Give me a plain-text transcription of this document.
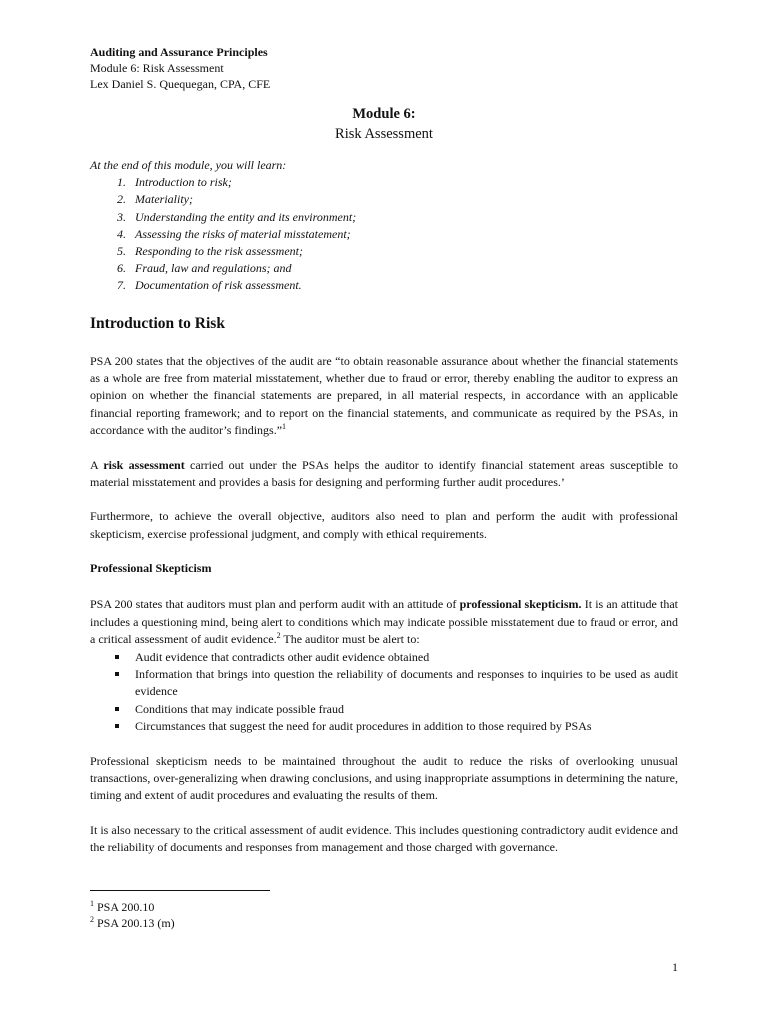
Auditing and Assurance Principles
Module 6: Risk Assessment
Lex Daniel S. Quequegan, CPA, CFE
Module 6:
Risk Assessment
At the end of this module, you will learn:
1. Introduction to risk;
2. Materiality;
3. Understanding the entity and its environment;
4. Assessing the risks of material misstatement;
5. Responding to the risk assessment;
6. Fraud, law and regulations; and
7. Documentation of risk assessment.
Introduction to Risk

PSA 200 states that the objectives of the audit are “to obtain reasonable assurance about whether the financial statements as a whole are free from material misstatement, whether due to fraud or error, thereby enabling the auditor to express an opinion on whether the financial statements are prepared, in all material respects, in accordance with an applicable financial reporting framework; and to report on the financial statements, and communicate as required by the PSAs, in accordance with the auditor’s findings.”$^1$

A risk assessment carried out under the PSAs helps the auditor to identify financial statement areas susceptible to material misstatement and provides a basis for designing and performing further audit procedures.’

Furthermore, to achieve the overall objective, auditors also need to plan and perform the audit with professional skepticism, exercise professional judgment, and comply with ethical requirements.

Professional Skepticism

PSA 200 states that auditors must plan and perform audit with an attitude of professional skepticism. It is an attitude that includes a questioning mind, being alert to conditions which may indicate possible misstatement due to fraud or error, and a critical assessment of audit evidence.$^2$ The auditor must be alert to:

Audit evidence that contradicts other audit evidence obtained
Information that brings into question the reliability of documents and responses to inquiries to be used as audit evidence
Conditions that may indicate possible fraud
Circumstances that suggest the need for audit procedures in addition to those required by PSAs

Professional skepticism needs to be maintained throughout the audit to reduce the risks of overlooking unusual transactions, over-generalizing when drawing conclusions, and using inappropriate assumptions in determining the nature, timing and extent of audit procedures and evaluating the results of them.

It is also necessary to the critical assessment of audit evidence. This includes questioning contradictory audit evidence and the reliability of documents and responses from management and those charged with governance.

$^1$ PSA 200.10
$^2$ PSA 200.13 (m)
1
